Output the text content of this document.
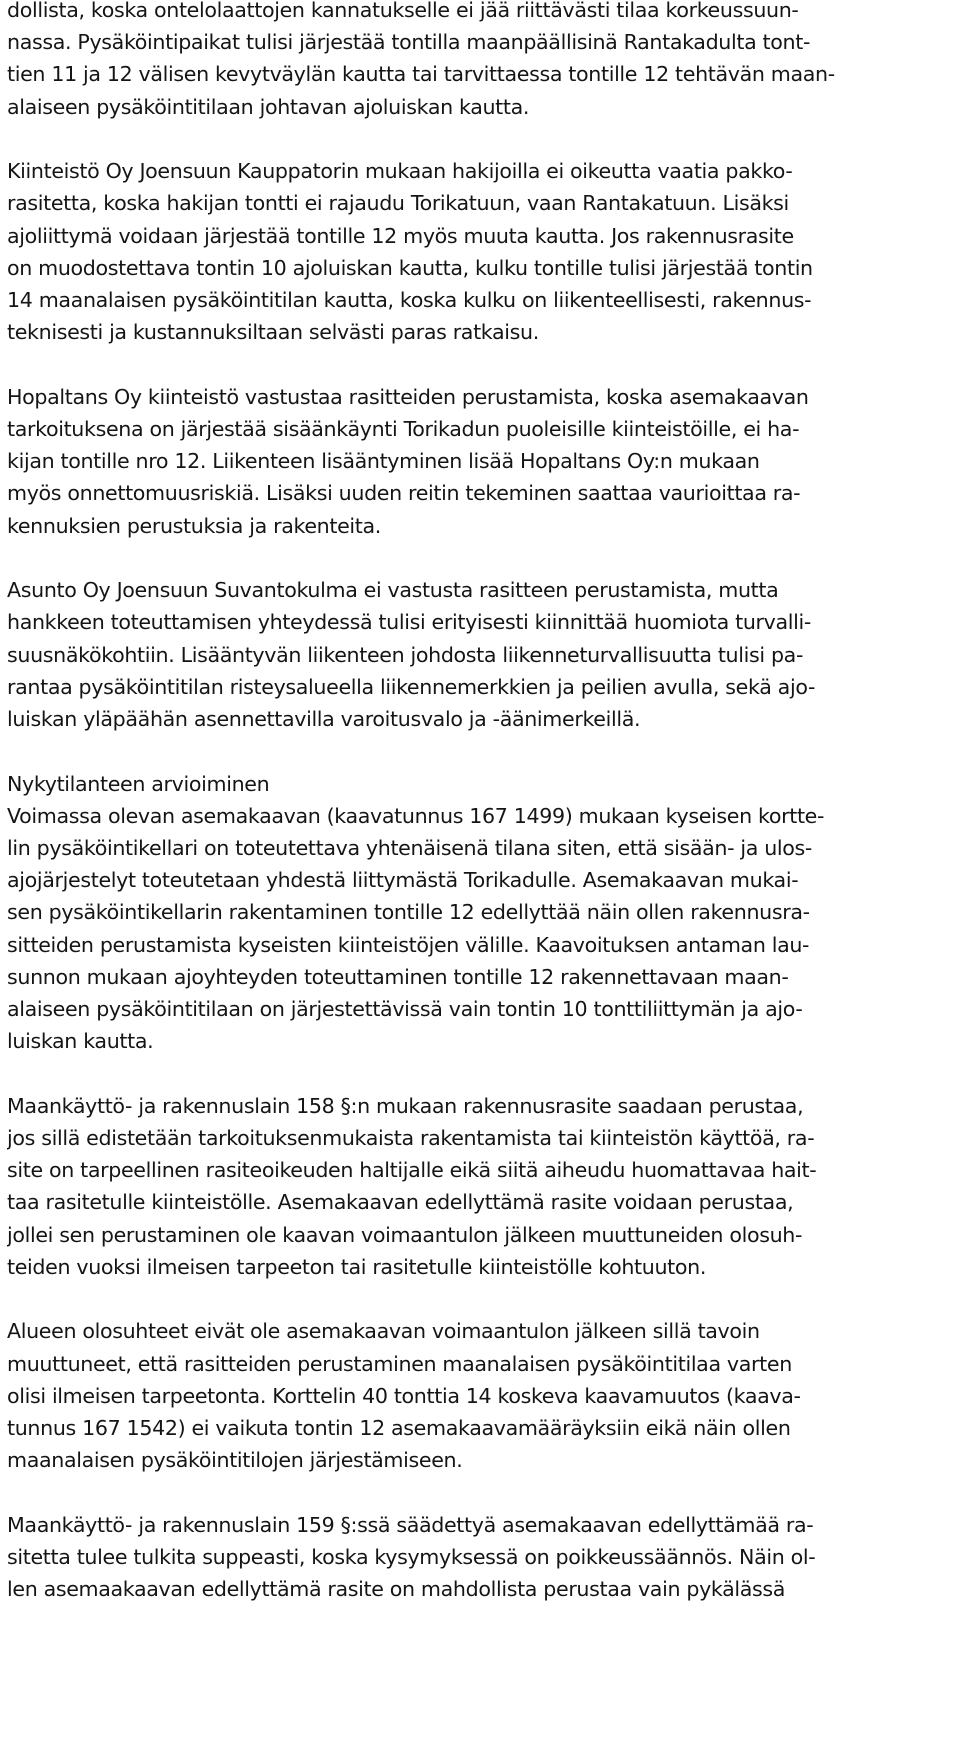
dollista, koska ontelolaattojen kannatukselle ei jää riittävästi tilaa korkeussuun-
nassa. Pysäköintipaikat tulisi järjestää tontilla maanpäällisinä Rantakadulta tont-
tien 11 ja 12 välisen kevytväylän kautta tai tarvittaessa tontille 12 tehtävän maan-
alaiseen pysäköintitilaan johtavan ajoluiskan kautta.
Kiinteistö Oy Joensuun Kauppatorin mukaan hakijoilla ei oikeutta vaatia pakko-
rasitetta, koska hakijan tontti ei rajaudu Torikatuun, vaan Rantakatuun. Lisäksi
ajoliittymä voidaan järjestää tontille 12 myös muuta kautta. Jos rakennusrasite
on muodostettava tontin 10 ajoluiskan kautta, kulku tontille tulisi järjestää tontin
14 maanalaisen pysäköintitilan kautta, koska kulku on liikenteellisesti, rakennus-
teknisesti ja kustannuksiltaan selvästi paras ratkaisu.
Hopaltans Oy kiinteistö vastustaa rasitteiden perustamista, koska asemakaavan
tarkoituksena on järjestää sisäänkäynti Torikadun puoleisille kiinteistöille, ei ha-
kijan tontille nro 12. Liikenteen lisääntyminen lisää Hopaltans Oy:n mukaan
myös onnettomuusriskiä. Lisäksi uuden reitin tekeminen saattaa vaurioittaa ra-
kennuksien perustuksia ja rakenteita.
Asunto Oy Joensuun Suvantokulma ei vastusta rasitteen perustamista, mutta
hankkeen toteuttamisen yhteydessä tulisi erityisesti kiinnittää huomiota turvalli-
suusnäkökohtiin. Lisääntyvän liikenteen johdosta liikenneturvallisuutta tulisi pa-
rantaa pysäköintitilan risteysalueella liikennemerkkien ja peilien avulla, sekä ajo-
luiskan yläpäähän asennettavilla varoitusvalo ja -äänimerkeillä.
Nykytilanteen arvioiminen
Voimassa olevan asemakaavan (kaavatunnus 167 1499) mukaan kyseisen kortte-
lin pysäköintikellari on toteutettava yhtenäisenä tilana siten, että sisään- ja ulos-
ajojärjestelyt toteutetaan yhdestä liittymästä Torikadulle. Asemakaavan mukai-
sen pysäköintikellarin rakentaminen tontille 12 edellyttää näin ollen rakennusra-
sitteiden perustamista kyseisten kiinteistöjen välille. Kaavoituksen antaman lau-
sunnon mukaan ajoyhteyden toteuttaminen tontille 12 rakennettavaan maan-
alaiseen pysäköintitilaan on järjestettävissä vain tontin 10 tonttiliittymän ja ajo-
luiskan kautta.
Maankäyttö- ja rakennuslain 158 §:n mukaan rakennusrasite saadaan perustaa,
jos sillä edistetään tarkoituksenmukaista rakentamista tai kiinteistön käyttöä, ra-
site on tarpeellinen rasiteoikeuden haltijalle eikä siitä aiheudu huomattavaa hait-
taa rasitetulle kiinteistölle. Asemakaavan edellyttämä rasite voidaan perustaa,
jollei sen perustaminen ole kaavan voimaantulon jälkeen muuttuneiden olosuh-
teiden vuoksi ilmeisen tarpeeton tai rasitetulle kiinteistölle kohtuuton.
Alueen olosuhteet eivät ole asemakaavan voimaantulon jälkeen sillä tavoin
muuttuneet, että rasitteiden perustaminen maanalaisen pysäköintitilaa varten
olisi ilmeisen tarpeetonta. Korttelin 40 tonttia 14 koskeva kaavamuutos (kaava-
tunnus 167 1542) ei vaikuta tontin 12 asemakaavamääräyksiin eikä näin ollen
maanalaisen pysäköintitilojen järjestämiseen.
Maankäyttö- ja rakennuslain 159 §:ssä säädettyä asemakaavan edellyttämää ra-
sitetta tulee tulkita suppeasti, koska kysymyksessä on poikkeussäännös. Näin ol-
len asemaakaavan edellyttämä rasite on mahdollista perustaa vain pykälässä
